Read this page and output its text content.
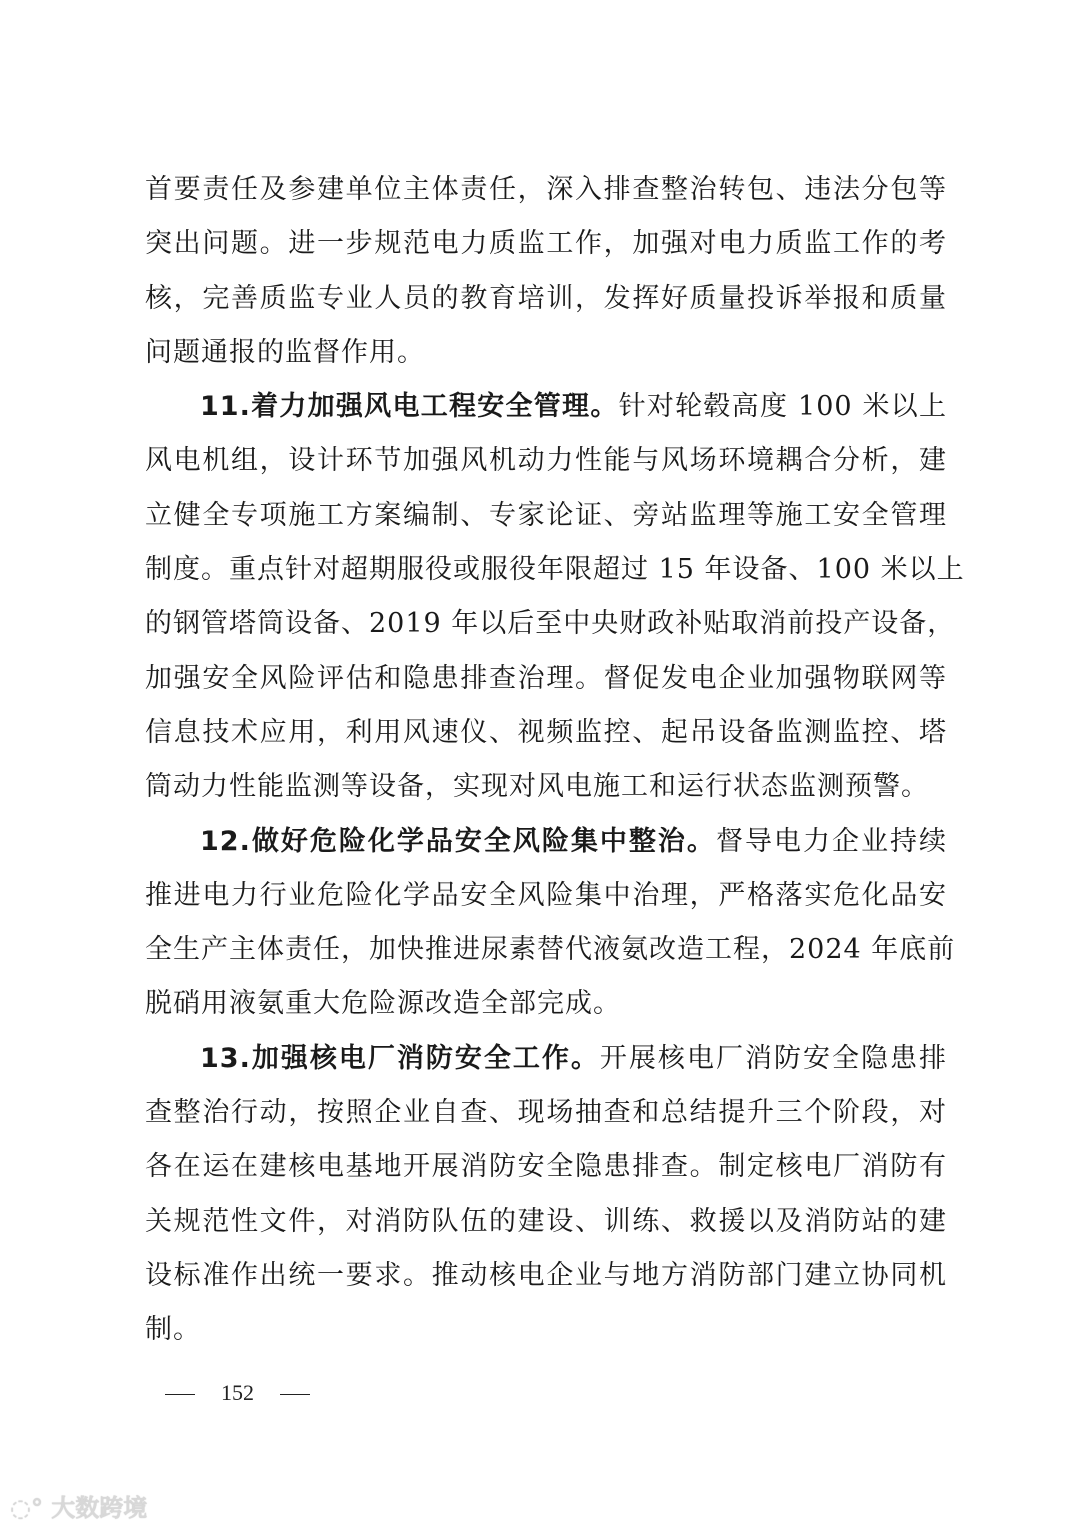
首要责任及参建单位主体责任，深入排查整治转包、违法分包等
突出问题。进一步规范电力质监工作，加强对电力质监工作的考
核，完善质监专业人员的教育培训，发挥好质量投诉举报和质量
问题通报的监督作用。
11.着力加强风电工程安全管理。针对轮毂高度 100 米以上
风电机组，设计环节加强风机动力性能与风场环境耦合分析，建
立健全专项施工方案编制、专家论证、旁站监理等施工安全管理
制度。重点针对超期服役或服役年限超过 15 年设备、100 米以上
的钢管塔筒设备、2019 年以后至中央财政补贴取消前投产设备，
加强安全风险评估和隐患排查治理。督促发电企业加强物联网等
信息技术应用，利用风速仪、视频监控、起吊设备监测监控、塔
筒动力性能监测等设备，实现对风电施工和运行状态监测预警。
12.做好危险化学品安全风险集中整治。督导电力企业持续
推进电力行业危险化学品安全风险集中治理，严格落实危化品安
全生产主体责任，加快推进尿素替代液氨改造工程，2024 年底前
脱硝用液氨重大危险源改造全部完成。
13.加强核电厂消防安全工作。开展核电厂消防安全隐患排
查整治行动，按照企业自查、现场抽查和总结提升三个阶段，对
各在运在建核电基地开展消防安全隐患排查。制定核电厂消防有
关规范性文件，对消防队伍的建设、训练、救援以及消防站的建
设标准作出统一要求。推动核电企业与地方消防部门建立协同机
制。
152
◌° 大数跨境
